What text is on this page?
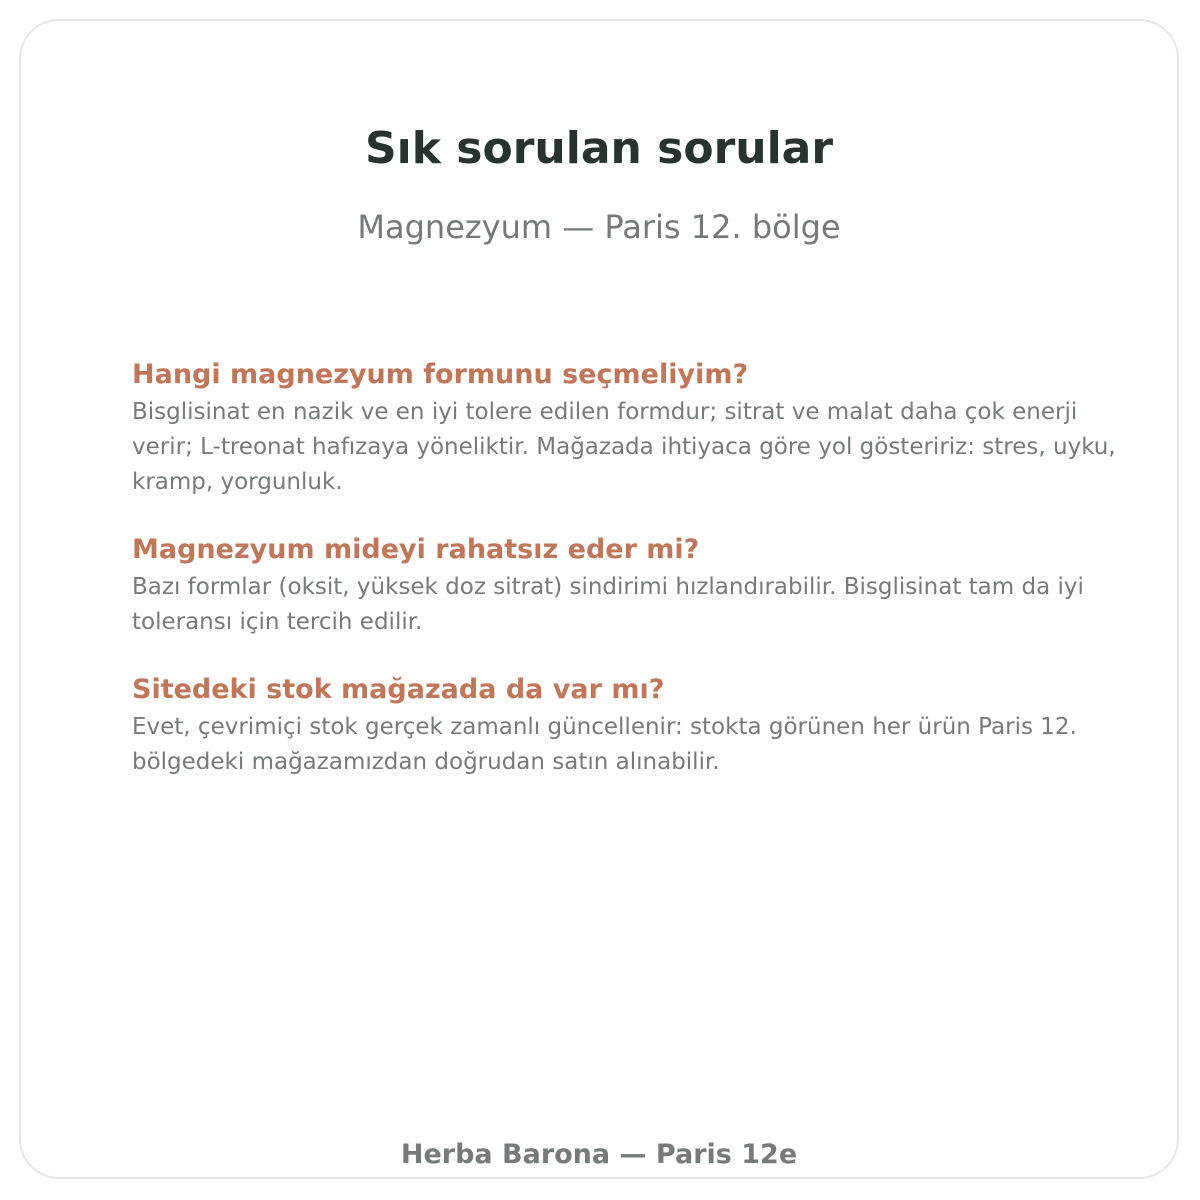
Sık sorulan sorular

Magnezyum — Paris 12. bölge

Hangi magnezyum formunu seçmeliyim?

Bisglisinat en nazik ve en iyi tolere edilen formdur; sitrat ve malat daha çok enerji verir; L-treonat hafızaya yöneliktir. Mağazada ihtiyaca göre yol gösteririz: stres, uyku, kramp, yorgunluk.

Magnezyum mideyi rahatsız eder mi?

Bazı formlar (oksit, yüksek doz sitrat) sindirimi hızlandırabilir. Bisglisinat tam da iyi toleransı için tercih edilir.

Sitedeki stok mağazada da var mı?

Evet, çevrimiçi stok gerçek zamanlı güncellenir: stokta görünen her ürün Paris 12. bölgedeki mağazamızdan doğrudan satın alınabilir.

Herba Barona — Paris 12e
